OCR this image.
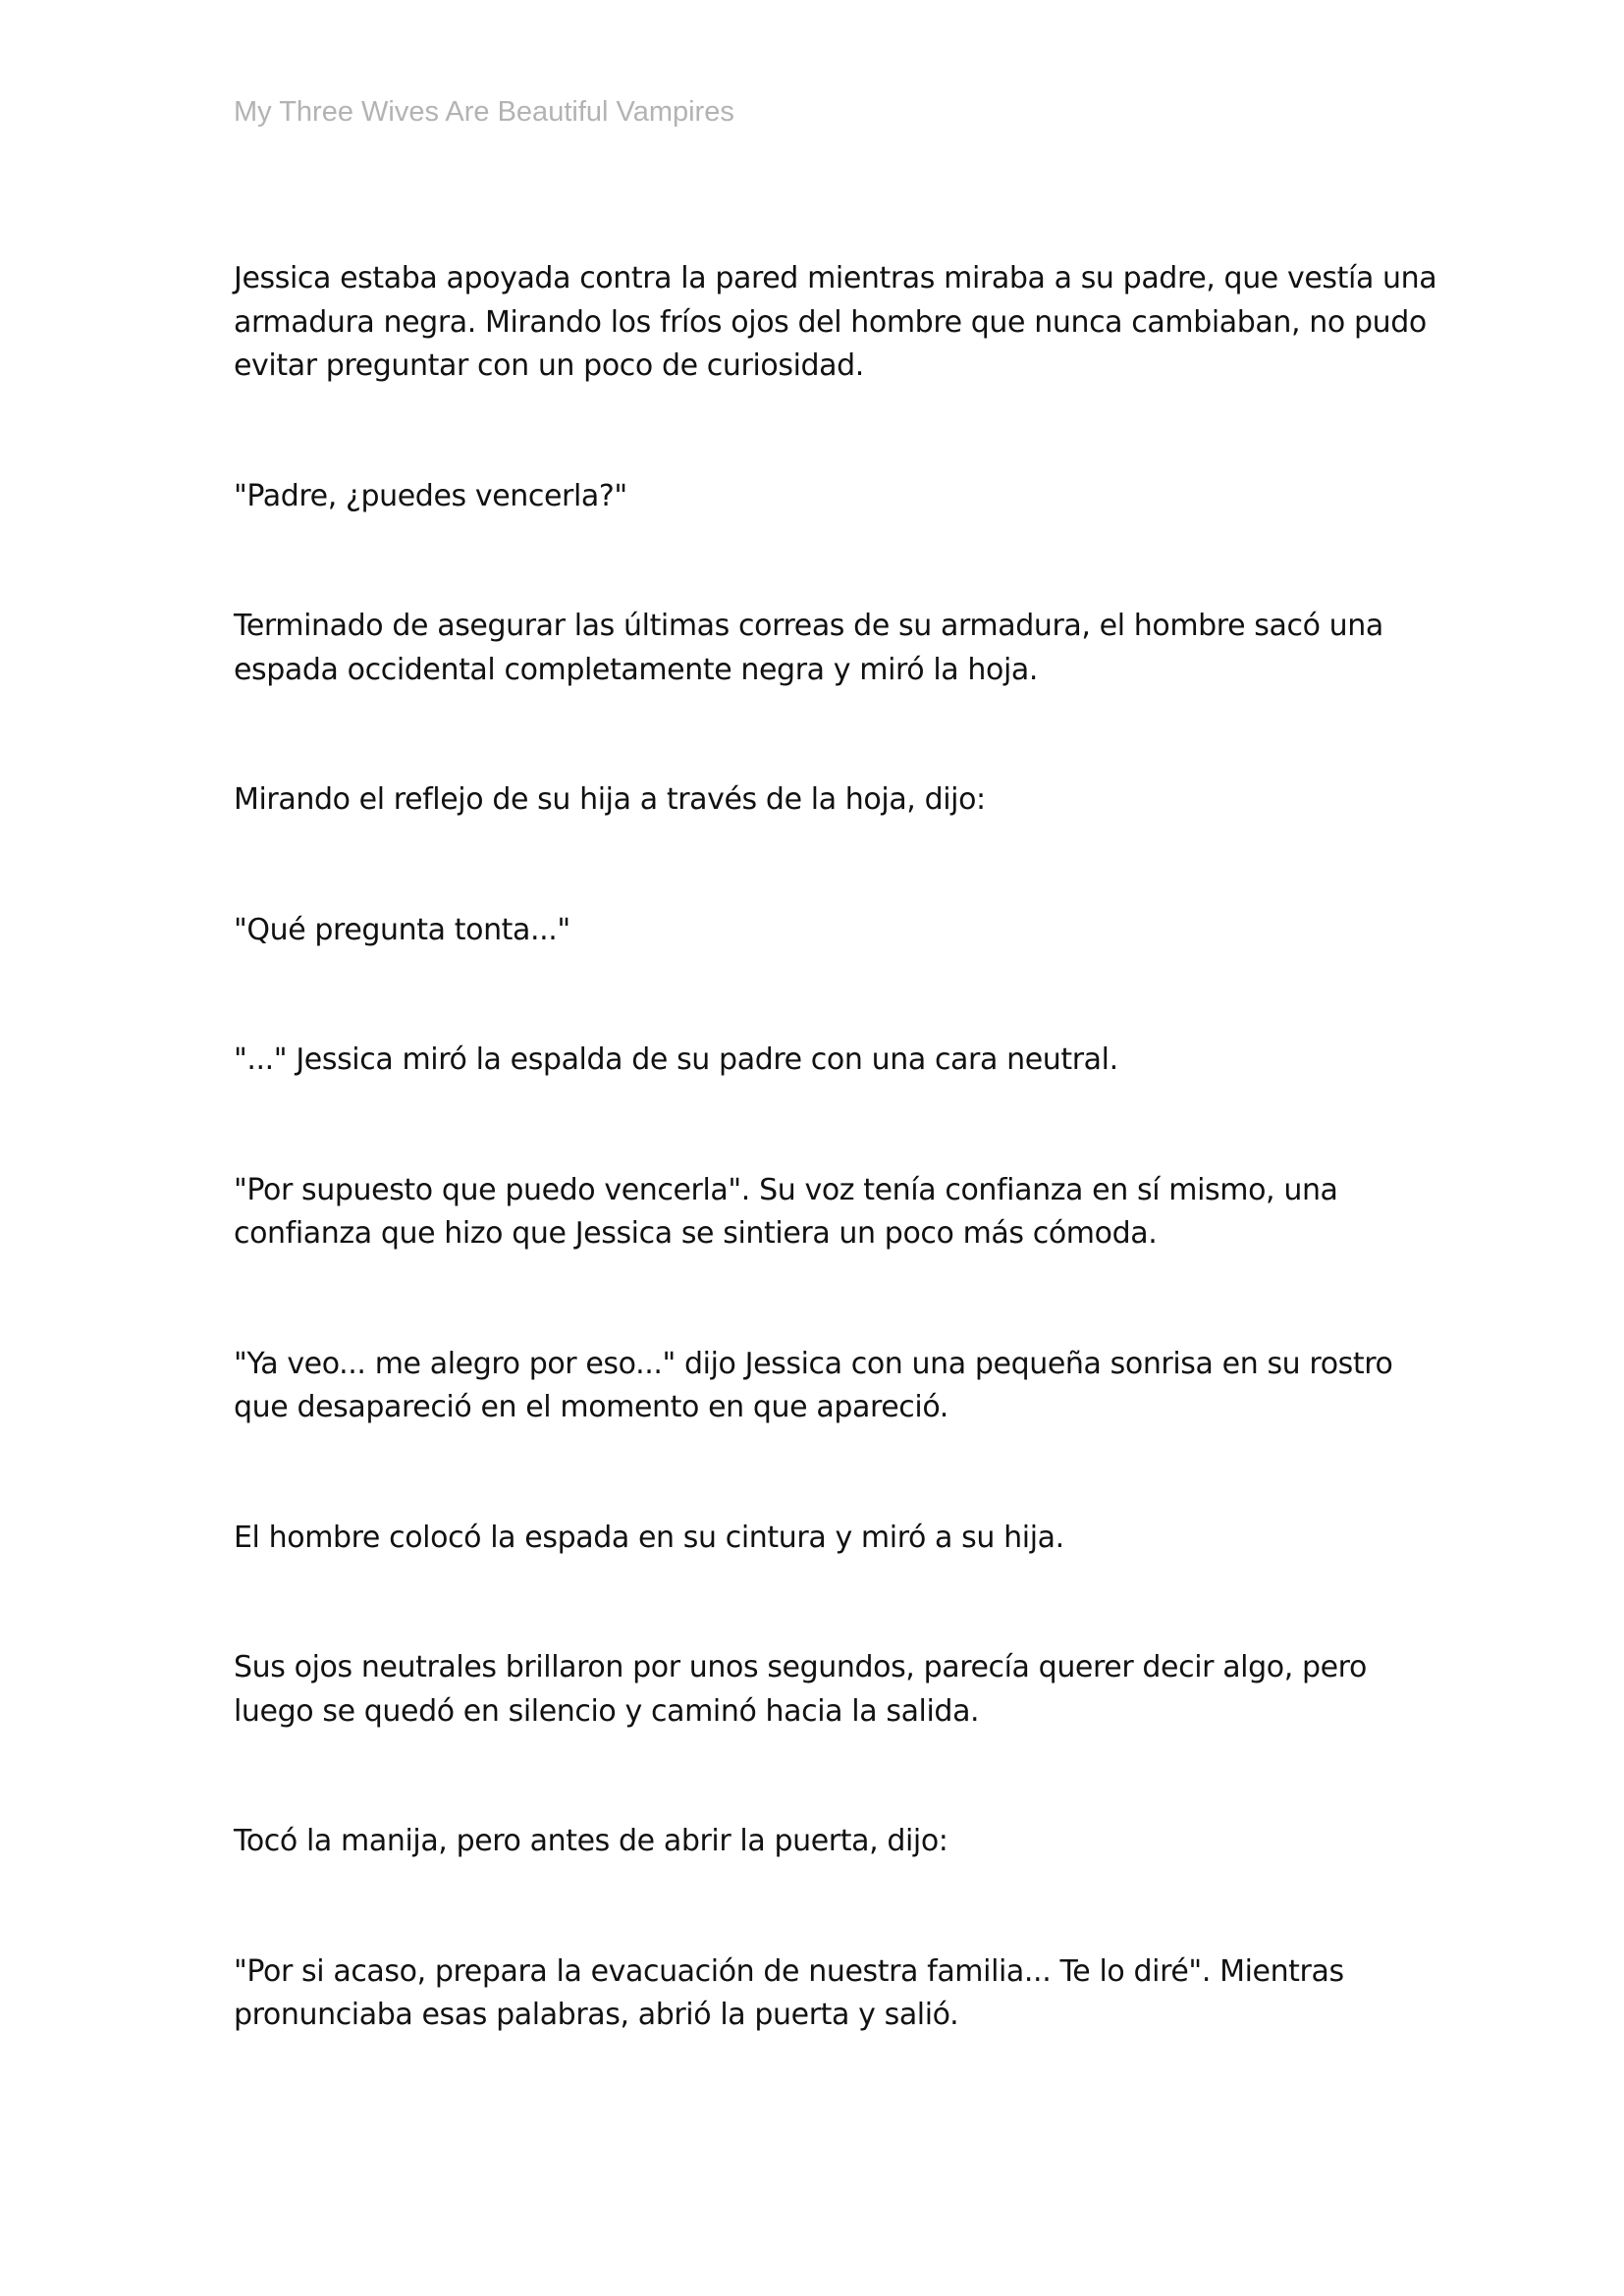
My Three Wives Are Beautiful Vampires

Jessica estaba apoyada contra la pared mientras miraba a su padre, que vestía una
armadura negra. Mirando los fríos ojos del hombre que nunca cambiaban, no pudo
evitar preguntar con un poco de curiosidad.

"Padre, ¿puedes vencerla?"

Terminado de asegurar las últimas correas de su armadura, el hombre sacó una
espada occidental completamente negra y miró la hoja.

Mirando el reflejo de su hija a través de la hoja, dijo:

"Qué pregunta tonta..."

"..." Jessica miró la espalda de su padre con una cara neutral.

"Por supuesto que puedo vencerla". Su voz tenía confianza en sí mismo, una
confianza que hizo que Jessica se sintiera un poco más cómoda.

"Ya veo... me alegro por eso..." dijo Jessica con una pequeña sonrisa en su rostro
que desapareció en el momento en que apareció.

El hombre colocó la espada en su cintura y miró a su hija.

Sus ojos neutrales brillaron por unos segundos, parecía querer decir algo, pero
luego se quedó en silencio y caminó hacia la salida.

Tocó la manija, pero antes de abrir la puerta, dijo:

"Por si acaso, prepara la evacuación de nuestra familia... Te lo diré". Mientras
pronunciaba esas palabras, abrió la puerta y salió.
